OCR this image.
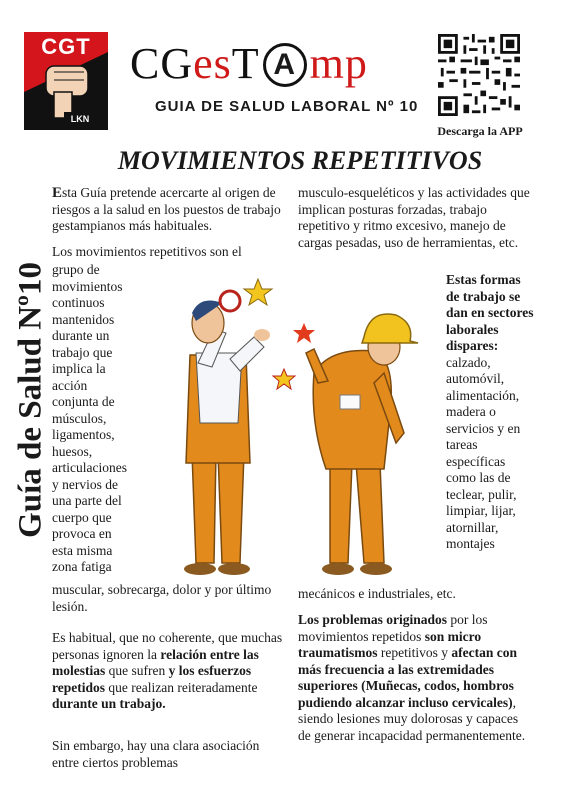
CGT
LKN
CGesT A mp
GUIA DE SALUD LABORAL Nº 10
Descarga la APP
MOVIMIENTOS REPETITIVOS
Guía de Salud Nº10
Esta Guía pretende acercarte al origen de riesgos a la salud en los puestos de trabajo gestampianos más habituales.
Los movimientos repetitivos son el
grupo de movimientos continuos mantenidos durante un trabajo que implica la acción conjunta de músculos, ligamentos, huesos, articulaciones y nervios de una parte del cuerpo que provoca en esta misma zona fatiga
muscular, sobrecarga, dolor y por último lesión.
Es habitual, que no coherente, que muchas personas ignoren la relación entre las molestias que sufren y los esfuerzos repetidos que realizan reiteradamente durante un trabajo.
Sin embargo, hay una clara asociación entre ciertos problemas
musculo-esqueléticos y las actividades que implican posturas forzadas, trabajo repetitivo y ritmo excesivo, manejo de cargas pesadas, uso de herramientas, etc.
Estas formas de trabajo se dan en sectores laborales dispares:
calzado, automóvil, alimentación, madera o servicios y en tareas específicas como las de teclear, pulir, limpiar, lijar, atornillar, montajes
mecánicos e industriales, etc.
Los problemas originados por los movimientos repetidos son micro traumatismos repetitivos y afectan con más frecuencia a las extremidades superiores (Muñecas, codos, hombros pudiendo alcanzar incluso cervicales), siendo lesiones muy dolorosas y capaces de generar incapacidad permanentemente.
